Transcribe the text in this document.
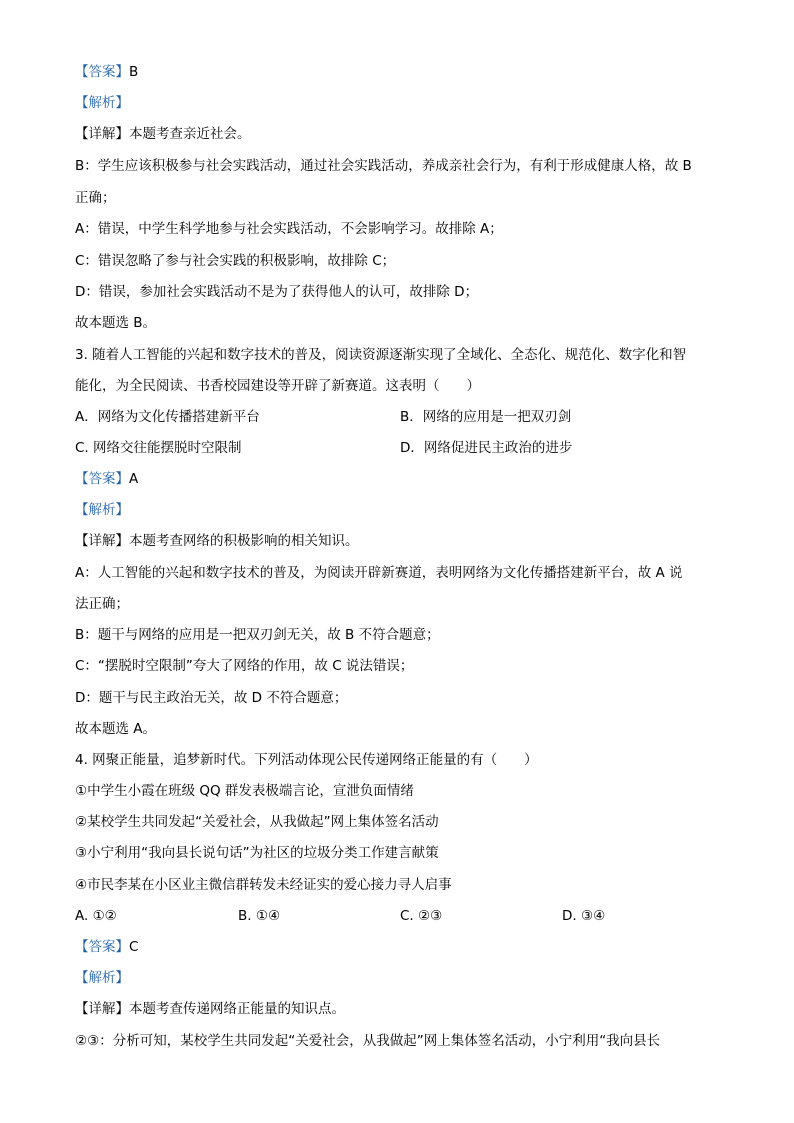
【答案】B
【解析】
【详解】本题考查亲近社会。
B：学生应该积极参与社会实践活动，通过社会实践活动，养成亲社会行为，有利于形成健康人格，故 B
正确；
A：错误，中学生科学地参与社会实践活动，不会影响学习。故排除 A；
C：错误忽略了参与社会实践的积极影响，故排除 C；
D：错误，参加社会实践活动不是为了获得他人的认可，故排除 D；
故本题选 B。
3. 随着人工智能的兴起和数字技术的普及，阅读资源逐渐实现了全域化、全态化、规范化、数字化和智
能化，为全民阅读、书香校园建设等开辟了新赛道。这表明（　　）
A．网络为文化传播搭建新平台	B．网络的应用是一把双刃剑
C. 网络交往能摆脱时空限制	D．网络促进民主政治的进步
【答案】A
【解析】
【详解】本题考查网络的积极影响的相关知识。
A：人工智能的兴起和数字技术的普及，为阅读开辟新赛道，表明网络为文化传播搭建新平台，故 A 说
法正确；
B：题干与网络的应用是一把双刃剑无关，故 B 不符合题意；
C：“摆脱时空限制”夸大了网络的作用，故 C 说法错误；
D：题干与民主政治无关，故 D 不符合题意；
故本题选 A。
4. 网聚正能量，追梦新时代。下列活动体现公民传递网络正能量的有（　　）
①中学生小霞在班级 QQ 群发表极端言论，宣泄负面情绪
②某校学生共同发起“关爱社会，从我做起”网上集体签名活动
③小宁利用“我向县长说句话”为社区的垃圾分类工作建言献策
④市民李某在小区业主微信群转发未经证实的爱心接力寻人启事
A. ①②	B. ①④	C. ②③	D. ③④
【答案】C
【解析】
【详解】本题考查传递网络正能量的知识点。
②③：分析可知，某校学生共同发起“关爱社会，从我做起”网上集体签名活动，小宁利用“我向县长
